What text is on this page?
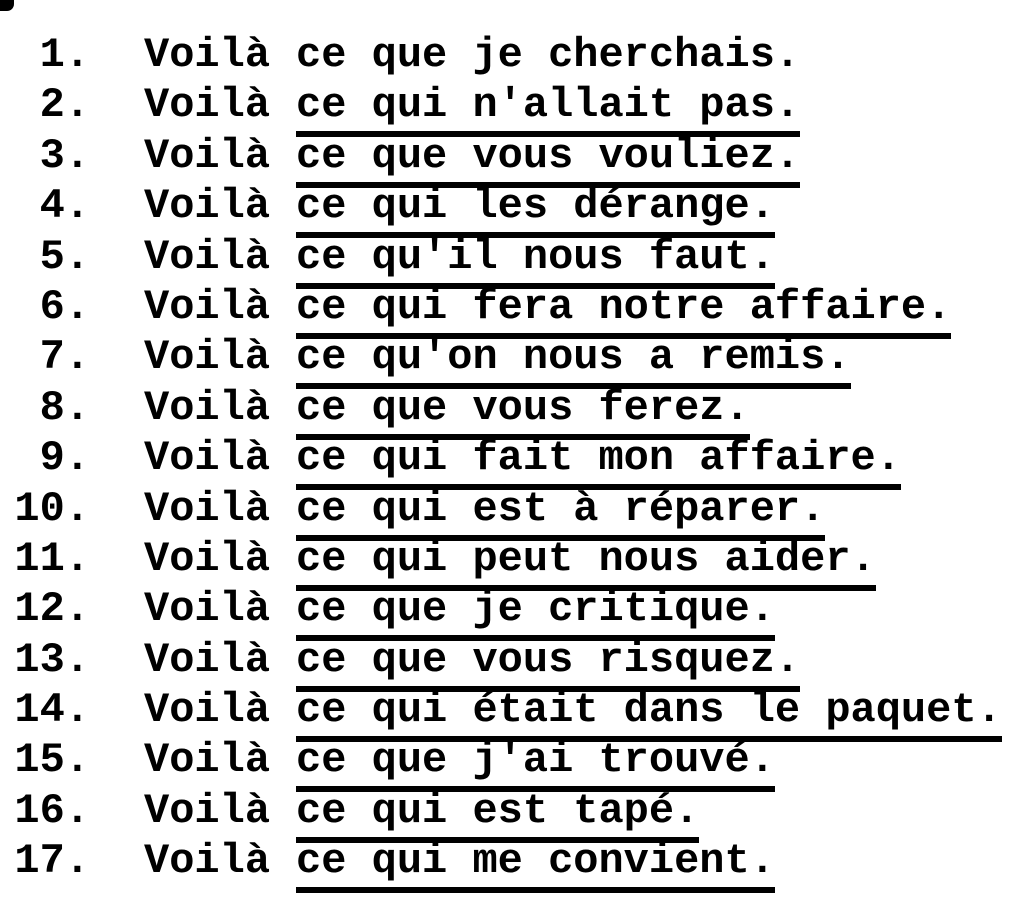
1. Voilà ce que je cherchais.
2. Voilà ce qui n'allait pas.
3. Voilà ce que vous vouliez.
4. Voilà ce qui les dérange.
5. Voilà ce qu'il nous faut.
6. Voilà ce qui fera notre affaire.
7. Voilà ce qu'on nous a remis.
8. Voilà ce que vous ferez.
9. Voilà ce qui fait mon affaire.
10. Voilà ce qui est à réparer.
11. Voilà ce qui peut nous aider.
12. Voilà ce que je critique.
13. Voilà ce que vous risquez.
14. Voilà ce qui était dans le paquet.
15. Voilà ce que j'ai trouvé.
16. Voilà ce qui est tapé.
17. Voilà ce qui me convient.
